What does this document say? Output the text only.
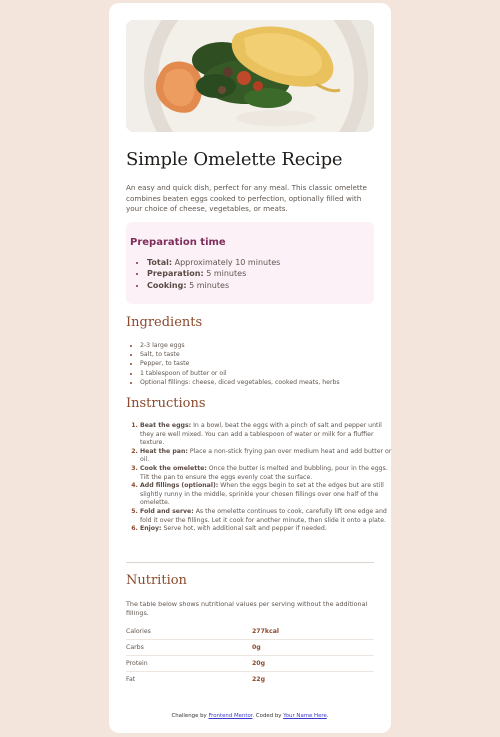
Simple Omelette Recipe

An easy and quick dish, perfect for any meal. This classic omelette combines beaten eggs cooked to perfection, optionally filled with your choice of cheese, vegetables, or meats.

Preparation time
• Total: Approximately 10 minutes
• Preparation: 5 minutes
• Cooking: 5 minutes
Ingredients
• 2-3 large eggs
• Salt, to taste
• Pepper, to taste
• 1 tablespoon of butter or oil
• Optional fillings: cheese, diced vegetables, cooked meats, herbs
Instructions
1. Beat the eggs: In a bowl, beat the eggs with a pinch of salt and pepper until they are well mixed. You can add a tablespoon of water or milk for a fluffier texture.
2. Heat the pan: Place a non-stick frying pan over medium heat and add butter or oil.
3. Cook the omelette: Once the butter is melted and bubbling, pour in the eggs. Tilt the pan to ensure the eggs evenly coat the surface.
4. Add fillings (optional): When the eggs begin to set at the edges but are still slightly runny in the middle, sprinkle your chosen fillings over one half of the omelette.
5. Fold and serve: As the omelette continues to cook, carefully lift one edge and fold it over the fillings. Let it cook for another minute, then slide it onto a plate.
6. Enjoy: Serve hot, with additional salt and pepper if needed.
Nutrition

The table below shows nutritional values per serving without the additional fillings.

Calories	277kcal
Carbs	0g
Protein	20g
Fat	22g
Challenge by Frontend Mentor. Coded by Your Name Here.
